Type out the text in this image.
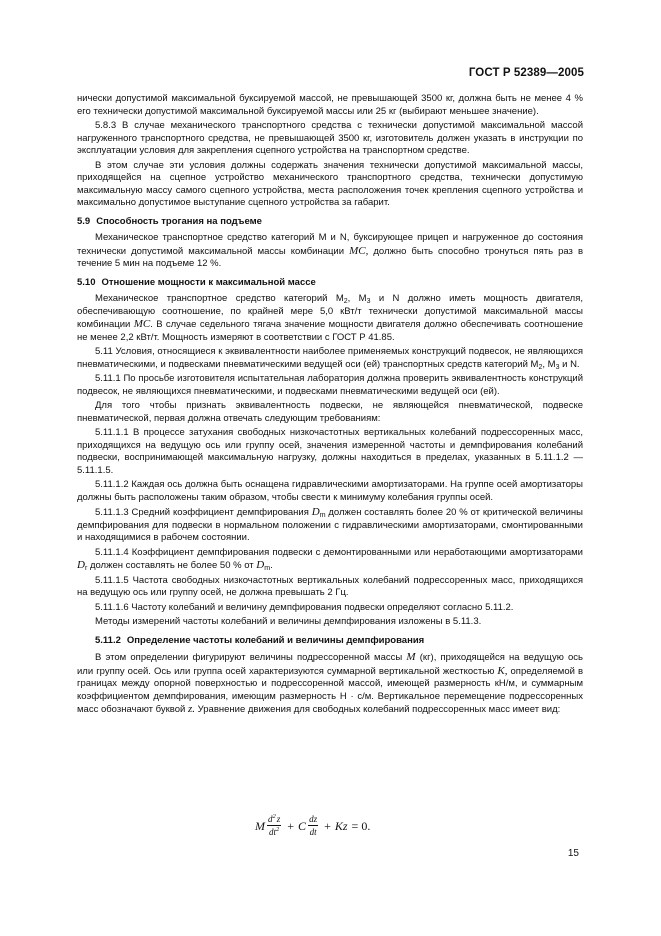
ГОСТ Р 52389—2005

нически допустимой максимальной буксируемой массой, не превышающей 3500 кг, должна быть не менее 4 % его технически допустимой максимальной буксируемой массы или 25 кг (выбирают меньшее значение).

5.8.3 В случае механического транспортного средства с технически допустимой максимальной массой нагруженного транспортного средства, не превышающей 3500 кг, изготовитель должен указать в инструкции по эксплуатации условия для закрепления сцепного устройства на транспортном средстве.

В этом случае эти условия должны содержать значения технически допустимой максимальной массы, приходящейся на сцепное устройство механического транспортного средства, технически допустимую максимальную массу самого сцепного устройства, места расположения точек крепления сцепного устройства и максимально допустимое выступание сцепного устройства за габарит.

5.9 Способность трогания на подъеме

Механическое транспортное средство категорий M и N, буксирующее прицеп и нагруженное до состояния технически допустимой максимальной массы комбинации MC, должно быть способно тронуться пять раз в течение 5 мин на подъеме 12 %.

5.10 Отношение мощности к максимальной массе

Механическое транспортное средство категорий $M_2$, $M_3$ и N должно иметь мощность двигателя, обеспечивающую соотношение, по крайней мере 5,0 кВт/т технически допустимой максимальной массы комбинации MC. В случае седельного тягача значение мощности двигателя должно обеспечивать соотношение не менее 2,2 кВт/т. Мощность измеряют в соответствии с ГОСТ Р 41.85.

5.11 Условия, относящиеся к эквивалентности наиболее применяемых конструкций подвесок, не являющихся пневматическими, и подвесками пневматическими ведущей оси (ей) транспортных средств категорий $M_2$, $M_3$ и N.

5.11.1 По просьбе изготовителя испытательная лаборатория должна проверить эквивалентность конструкций подвесок, не являющихся пневматическими, и подвесками пневматическими ведущей оси (ей).

Для того чтобы признать эквивалентность подвески, не являющейся пневматической, подвеске пневматической, первая должна отвечать следующим требованиям:

5.11.1.1 В процессе затухания свободных низкочастотных вертикальных колебаний подрессоренных масс, приходящихся на ведущую ось или группу осей, значения измеренной частоты и демпфирования колебаний подвески, воспринимающей максимальную нагрузку, должны находиться в пределах, указанных в 5.11.1.2 — 5.11.1.5.

5.11.1.2 Каждая ось должна быть оснащена гидравлическими амортизаторами. На группе осей амортизаторы должны быть расположены таким образом, чтобы свести к минимуму колебания группы осей.

5.11.1.3 Средний коэффициент демпфирования $D_m$ должен составлять более 20 % от критической величины демпфирования для подвески в нормальном положении с гидравлическими амортизаторами, смонтированными и находящимися в рабочем состоянии.

5.11.1.4 Коэффициент демпфирования подвески с демонтированными или неработающими амортизаторами $D_r$ должен составлять не более 50 % от $D_m$.

5.11.1.5 Частота свободных низкочастотных вертикальных колебаний подрессоренных масс, приходящихся на ведущую ось или группу осей, не должна превышать 2 Гц.

5.11.1.6 Частоту колебаний и величину демпфирования подвески определяют согласно 5.11.2.

Методы измерений частоты колебаний и величины демпфирования изложены в 5.11.3.

5.11.2 Определение частоты колебаний и величины демпфирования

В этом определении фигурируют величины подрессоренной массы M (кг), приходящейся на ведущую ось или группу осей. Ось или группа осей характеризуются суммарной вертикальной жесткостью K, определяемой в границах между опорной поверхностью и подрессоренной массой, имеющей размерность кН/м, и суммарным коэффициентом демпфирования, имеющим размерность Н · с/м. Вертикальное перемещение подрессоренных масс обозначают буквой z. Уравнение движения для свободных колебаний подрессоренных масс имеет вид:

M $\frac{d^2z}{dt^2} + C \frac{dz}{dt} + Kz = 0$.
15
